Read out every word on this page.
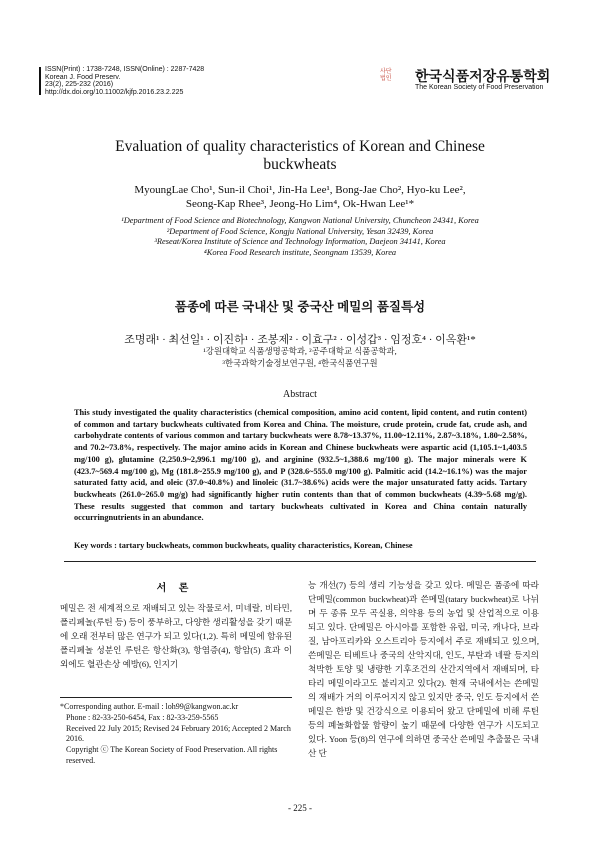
ISSN(Print) : 1738-7248, ISSN(Online) : 2287-7428
Korean J. Food Preserv.
23(2), 225-232 (2016)
http://dx.doi.org/10.11002/kjfp.2016.23.2.225
사단
법인 한국식품저장유통학회
The Korean Society of Food Preservation
Evaluation of quality characteristics of Korean and Chinese
buckwheats
MyoungLae Cho¹, Sun-il Choi¹, Jin-Ha Lee¹, Bong-Jae Cho², Hyo-ku Lee²,
Seong-Kap Rhee³, Jeong-Ho Lim⁴, Ok-Hwan Lee¹*
¹Department of Food Science and Biotechnology, Kangwon National University, Chuncheon 24341, Korea
²Department of Food Science, Kongju National University, Yesan 32439, Korea
³Reseat/Korea Institute of Science and Technology Information, Daejeon 34141, Korea
⁴Korea Food Research institute, Seongnam 13539, Korea
품종에 따른 국내산 및 중국산 메밀의 품질특성
조명래¹ · 최선일¹ · 이진하¹ · 조봉제² · 이효구² · 이성갑³ · 임정호⁴ · 이옥환¹*
¹강원대학교 식품생명공학과, ²공주대학교 식품공학과,
³한국과학기술정보연구원, ⁴한국식품연구원
Abstract
This study investigated the quality characteristics (chemical composition, amino acid content, lipid content, and rutin content) of common and tartary buckwheats cultivated from Korea and China. The moisture, crude protein, crude fat, crude ash, and carbohydrate contents of various common and tartary buckwheats were 8.78~13.37%, 11.00~12.11%, 2.87~3.18%, 1.80~2.58%, and 70.2~73.8%, respectively. The major amino acids in Korean and Chinese buckwheats were aspartic acid (1,105.1~1,403.5 mg/100 g), glutamine (2,250.9~2,996.1 mg/100 g), and arginine (932.5~1,388.6 mg/100 g). The major minerals were K (423.7~569.4 mg/100 g), Mg (181.8~255.9 mg/100 g), and P (328.6~555.0 mg/100 g). Palmitic acid (14.2~16.1%) was the major saturated fatty acid, and oleic (37.0~40.8%) and linoleic (31.7~38.6%) acids were the major unsaturated fatty acids. Tartary buckwheats (261.0~265.0 mg/g) had significantly higher rutin contents than that of common buckwheats (4.39~5.68 mg/g). These results suggested that common and tartary buckwheats cultivated in Korea and China contain naturally occurringnutrients in an abundance.
Key words : tartary buckwheats, common buckwheats, quality characteristics, Korean, Chinese
서 론

메밀은 전 세계적으로 재배되고 있는 작물로서, 미네랄, 비타민, 폴리페놀(루틴 등) 등이 풍부하고, 다양한 생리활성을 갖기 때문에 오래 전부터 많은 연구가 되고 있다(1,2). 특히 메밀에 함유된 폴리페놀 성분인 루틴은 항산화(3), 항염증(4), 항암(5) 효과 이외에도 혈관손상 예방(6), 인지기

*Corresponding author. E-mail : loh99@kangwon.ac.kr
Phone : 82-33-250-6454, Fax : 82-33-259-5565
Received 22 July 2015; Revised 24 February 2016; Accepted 2 March 2016.
Copyright ⓒ The Korean Society of Food Preservation. All rights reserved.

능 개선(7) 등의 생리 기능성을 갖고 있다. 메밀은 품종에 따라 단메밀(common buckwheat)과 쓴메밀(tatary buckwheat)로 나뉘며 두 종류 모두 곡실용, 의약용 등의 농업 및 산업적으로 이용되고 있다. 단메밀은 아시아를 포함한 유럽, 미국, 캐나다, 브라질, 남아프리카와 오스트리아 등지에서 주로 재배되고 있으며, 쓴메밀은 티베트나 중국의 산악지대, 인도, 부탄과 네팔 등지의 척박한 토양 및 냉량한 기후조건의 산간지역에서 재배되며, 타타리 메밀이라고도 불리지고 있다(2). 현재 국내에서는 쓴메밀의 재배가 거의 이루어지지 않고 있지만 중국, 인도 등지에서 쓴메밀은 한방 및 건강식으로 이용되어 왔고 단메밀에 비해 루틴 등의 폐놀화합물 함량이 높기 때문에 다양한 연구가 시도되고 있다. Yoon 등(8)의 연구에 의하면 중국산 쓴메밀 추출물은 국내산 단

- 225 -
